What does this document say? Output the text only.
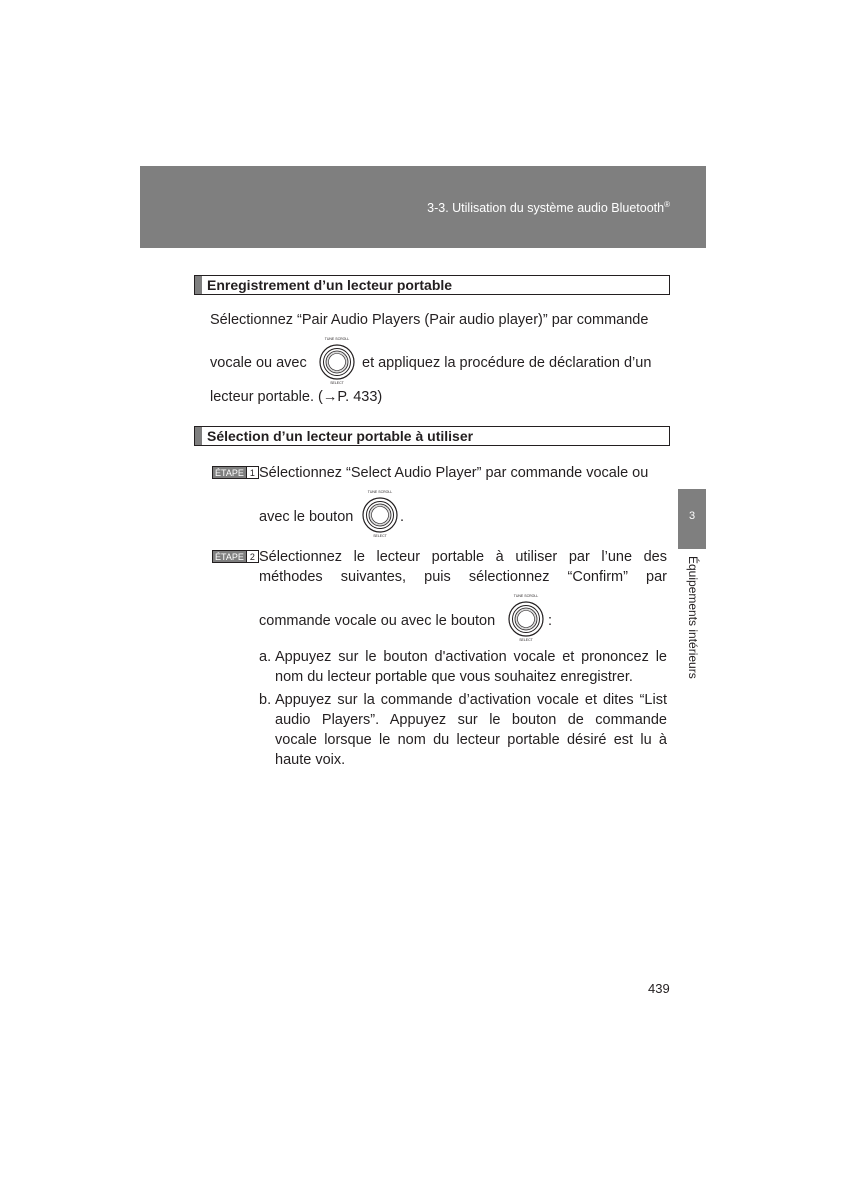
3-3. Utilisation du système audio Bluetooth®
Enregistrement d’un lecteur portable
Sélectionnez “Pair Audio Players (Pair audio player)” par commande
vocale ou avec	et appliquez la procédure de déclaration d’un
lecteur portable. (→P. 433)
TUNE SCROLL
SELECT
Sélection d’un lecteur portable à utiliser
ÉTAPE 1 Sélectionnez “Select Audio Player” par commande vocale ou
avec le bouton
TUNE SCROLL
SELECT
.
ÉTAPE 2 Sélectionnez le lecteur portable à utiliser par l’une des
méthodes suivantes, puis sélectionnez “Confirm” par
commande vocale ou avec le bouton
TUNE SCROLL
SELECT
:
a. Appuyez sur le bouton d'activation vocale et prononcez le
nom du lecteur portable que vous souhaitez enregistrer.
b. Appuyez sur la commande d’activation vocale et dites “List
audio Players”. Appuyez sur le bouton de commande
vocale lorsque le nom du lecteur portable désiré est lu à
haute voix.
3
Équipements intérieurs
439
